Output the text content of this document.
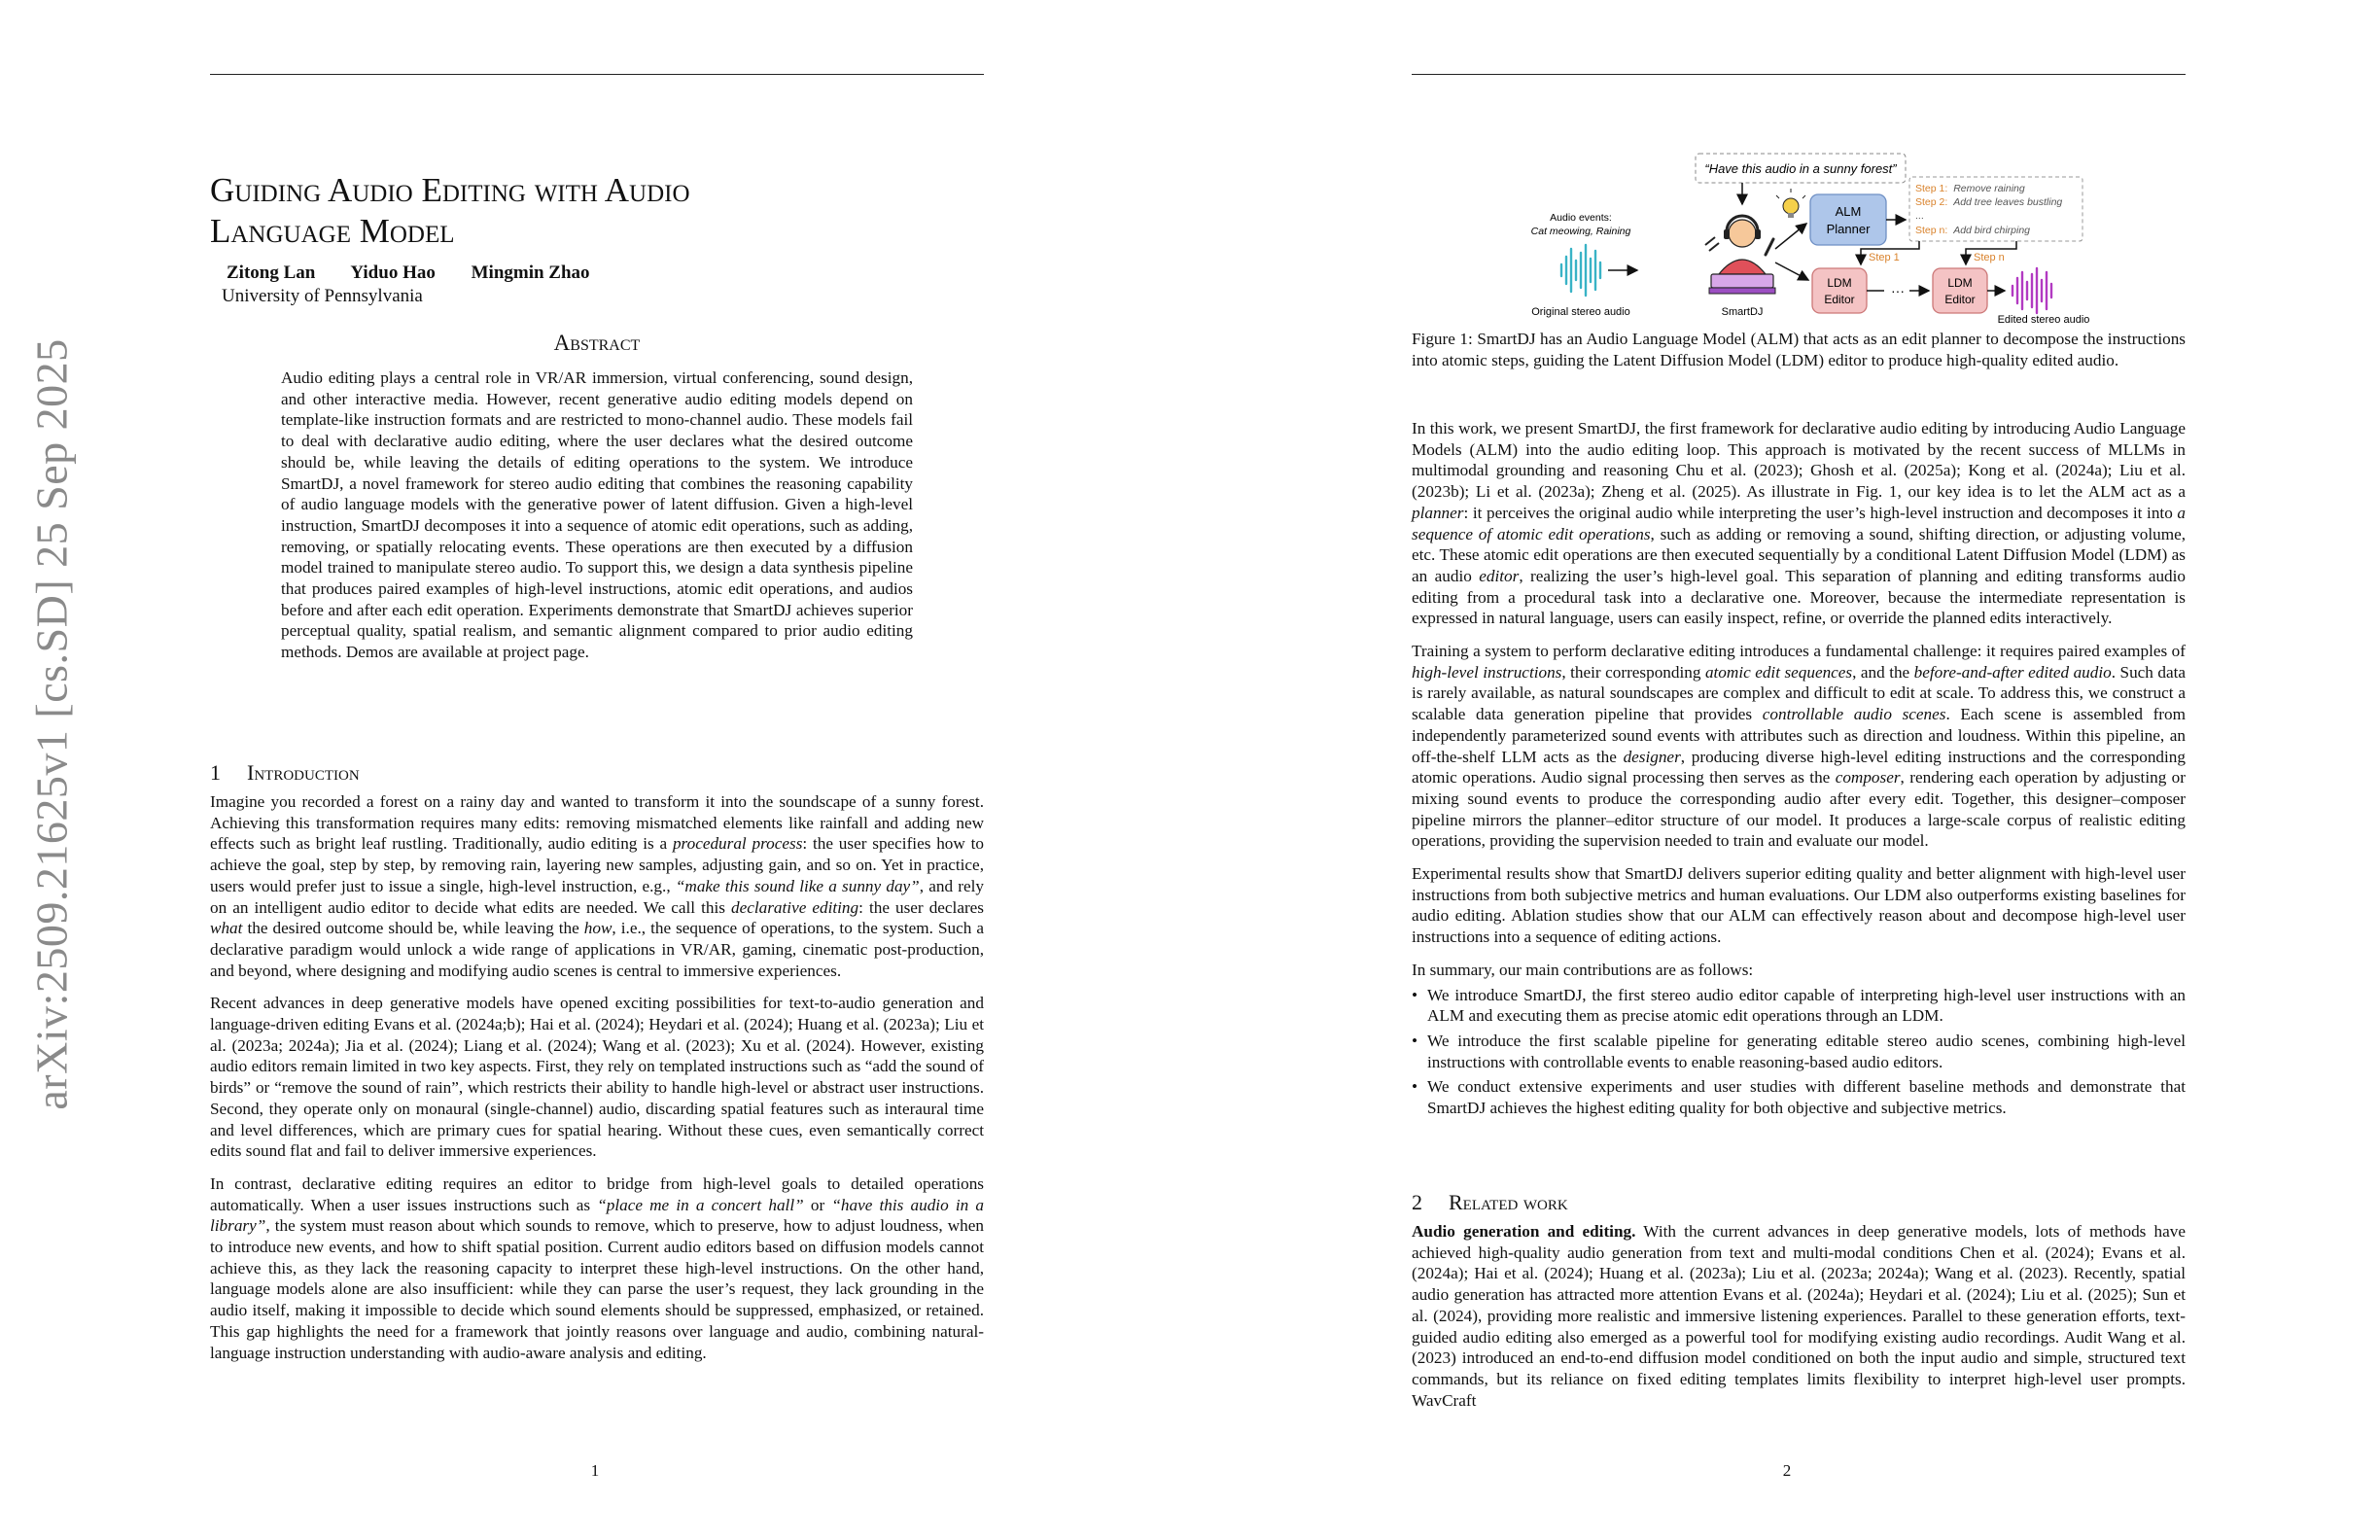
arXiv:2509.21625v1 [cs.SD] 25 Sep 2025
Guiding Audio Editing with Audio
Language Model
Zitong Lan Yiduo Hao Mingmin Zhao
University of Pennsylvania
Abstract
Audio editing plays a central role in VR/AR immersion, virtual conferencing, sound design, and other interactive media. However, recent generative audio editing models depend on template-like instruction formats and are restricted to mono-channel audio. These models fail to deal with declarative audio editing, where the user declares what the desired outcome should be, while leaving the details of editing operations to the system. We introduce SmartDJ, a novel framework for stereo audio editing that combines the reasoning capability of audio language models with the generative power of latent diffusion. Given a high-level instruction, SmartDJ decomposes it into a sequence of atomic edit operations, such as adding, removing, or spatially relocating events. These operations are then executed by a diffusion model trained to manipulate stereo audio. To support this, we design a data synthesis pipeline that produces paired examples of high-level instructions, atomic edit operations, and audios before and after each edit operation. Experiments demonstrate that SmartDJ achieves superior perceptual quality, spatial realism, and semantic alignment compared to prior audio editing methods. Demos are available at project page.
1 Introduction

Imagine you recorded a forest on a rainy day and wanted to transform it into the soundscape of a sunny forest. Achieving this transformation requires many edits: removing mismatched elements like rainfall and adding new effects such as bright leaf rustling. Traditionally, audio editing is a procedural process: the user specifies how to achieve the goal, step by step, by removing rain, layering new samples, adjusting gain, and so on. Yet in practice, users would prefer just to issue a single, high-level instruction, e.g., “make this sound like a sunny day”, and rely on an intelligent audio editor to decide what edits are needed. We call this declarative editing: the user declares what the desired outcome should be, while leaving the how, i.e., the sequence of operations, to the system. Such a declarative paradigm would unlock a wide range of applications in VR/AR, gaming, cinematic post-production, and beyond, where designing and modifying audio scenes is central to immersive experiences.

Recent advances in deep generative models have opened exciting possibilities for text-to-audio generation and language-driven editing Evans et al. (2024a;b); Hai et al. (2024); Heydari et al. (2024); Huang et al. (2023a); Liu et al. (2023a; 2024a); Jia et al. (2024); Liang et al. (2024); Wang et al. (2023); Xu et al. (2024). However, existing audio editors remain limited in two key aspects. First, they rely on templated instructions such as “add the sound of birds” or “remove the sound of rain”, which restricts their ability to handle high-level or abstract user instructions. Second, they operate only on monaural (single-channel) audio, discarding spatial features such as interaural time and level differences, which are primary cues for spatial hearing. Without these cues, even semantically correct edits sound flat and fail to deliver immersive experiences.

In contrast, declarative editing requires an editor to bridge from high-level goals to detailed operations automatically. When a user issues instructions such as “place me in a concert hall” or “have this audio in a library”, the system must reason about which sounds to remove, which to preserve, how to adjust loudness, when to introduce new events, and how to shift spatial position. Current audio editors based on diffusion models cannot achieve this, as they lack the reasoning capacity to interpret these high-level instructions. On the other hand, language models alone are also insufficient: while they can parse the user’s request, they lack grounding in the audio itself, making it impossible to decide which sound elements should be suppressed, emphasized, or retained. This gap highlights the need for a framework that jointly reasons over language and audio, combining natural-language instruction understanding with audio-aware analysis and editing.

1
“Have this audio in a sunny forest”
Audio events:
Cat meowing, Raining
Original stereo audio	SmartDJ
ALM
Planner
Step 1: Remove raining
Step 2: Add tree leaves bustling
...
Step n: Add bird chirping
Step 1	Step n
LDM
Editor
···	LDM
Editor
Edited stereo audio
Figure 1: SmartDJ has an Audio Language Model (ALM) that acts as an edit planner to decompose the instructions into atomic steps, guiding the Latent Diffusion Model (LDM) editor to produce high-quality edited audio.

In this work, we present SmartDJ, the first framework for declarative audio editing by introducing Audio Language Models (ALM) into the audio editing loop. This approach is motivated by the recent success of MLLMs in multimodal grounding and reasoning Chu et al. (2023); Ghosh et al. (2025a); Kong et al. (2024a); Liu et al. (2023b); Li et al. (2023a); Zheng et al. (2025). As illustrate in Fig. 1, our key idea is to let the ALM act as a planner: it perceives the original audio while interpreting the user’s high-level instruction and decomposes it into a sequence of atomic edit operations, such as adding or removing a sound, shifting direction, or adjusting volume, etc. These atomic edit operations are then executed sequentially by a conditional Latent Diffusion Model (LDM) as an audio editor, realizing the user’s high-level goal. This separation of planning and editing transforms audio editing from a procedural task into a declarative one. Moreover, because the intermediate representation is expressed in natural language, users can easily inspect, refine, or override the planned edits interactively.

Training a system to perform declarative editing introduces a fundamental challenge: it requires paired examples of high-level instructions, their corresponding atomic edit sequences, and the before-and-after edited audio. Such data is rarely available, as natural soundscapes are complex and difficult to edit at scale. To address this, we construct a scalable data generation pipeline that provides controllable audio scenes. Each scene is assembled from independently parameterized sound events with attributes such as direction and loudness. Within this pipeline, an off-the-shelf LLM acts as the designer, producing diverse high-level editing instructions and the corresponding atomic operations. Audio signal processing then serves as the composer, rendering each operation by adjusting or mixing sound events to produce the corresponding audio after every edit. Together, this designer–composer pipeline mirrors the planner–editor structure of our model. It produces a large-scale corpus of realistic editing operations, providing the supervision needed to train and evaluate our model.

Experimental results show that SmartDJ delivers superior editing quality and better alignment with high-level user instructions from both subjective metrics and human evaluations. Our LDM also outperforms existing baselines for audio editing. Ablation studies show that our ALM can effectively reason about and decompose high-level user instructions into a sequence of editing actions.

In summary, our main contributions are as follows:

• We introduce SmartDJ, the first stereo audio editor capable of interpreting high-level user instructions with an ALM and executing them as precise atomic edit operations through an LDM.
• We introduce the first scalable pipeline for generating editable stereo audio scenes, combining high-level instructions with controllable events to enable reasoning-based audio editors.
• We conduct extensive experiments and user studies with different baseline methods and demonstrate that SmartDJ achieves the highest editing quality for both objective and subjective metrics.
2 Related work

Audio generation and editing. With the current advances in deep generative models, lots of methods have achieved high-quality audio generation from text and multi-modal conditions Chen et al. (2024); Evans et al. (2024a); Hai et al. (2024); Huang et al. (2023a); Liu et al. (2023a; 2024a); Wang et al. (2023). Recently, spatial audio generation has attracted more attention Evans et al. (2024a); Heydari et al. (2024); Liu et al. (2025); Sun et al. (2024), providing more realistic and immersive listening experiences. Parallel to these generation efforts, text-guided audio editing also emerged as a powerful tool for modifying existing audio recordings. Audit Wang et al. (2023) introduced an end-to-end diffusion model conditioned on both the input audio and simple, structured text commands, but its reliance on fixed editing templates limits flexibility to interpret high-level user prompts. WavCraft

2
